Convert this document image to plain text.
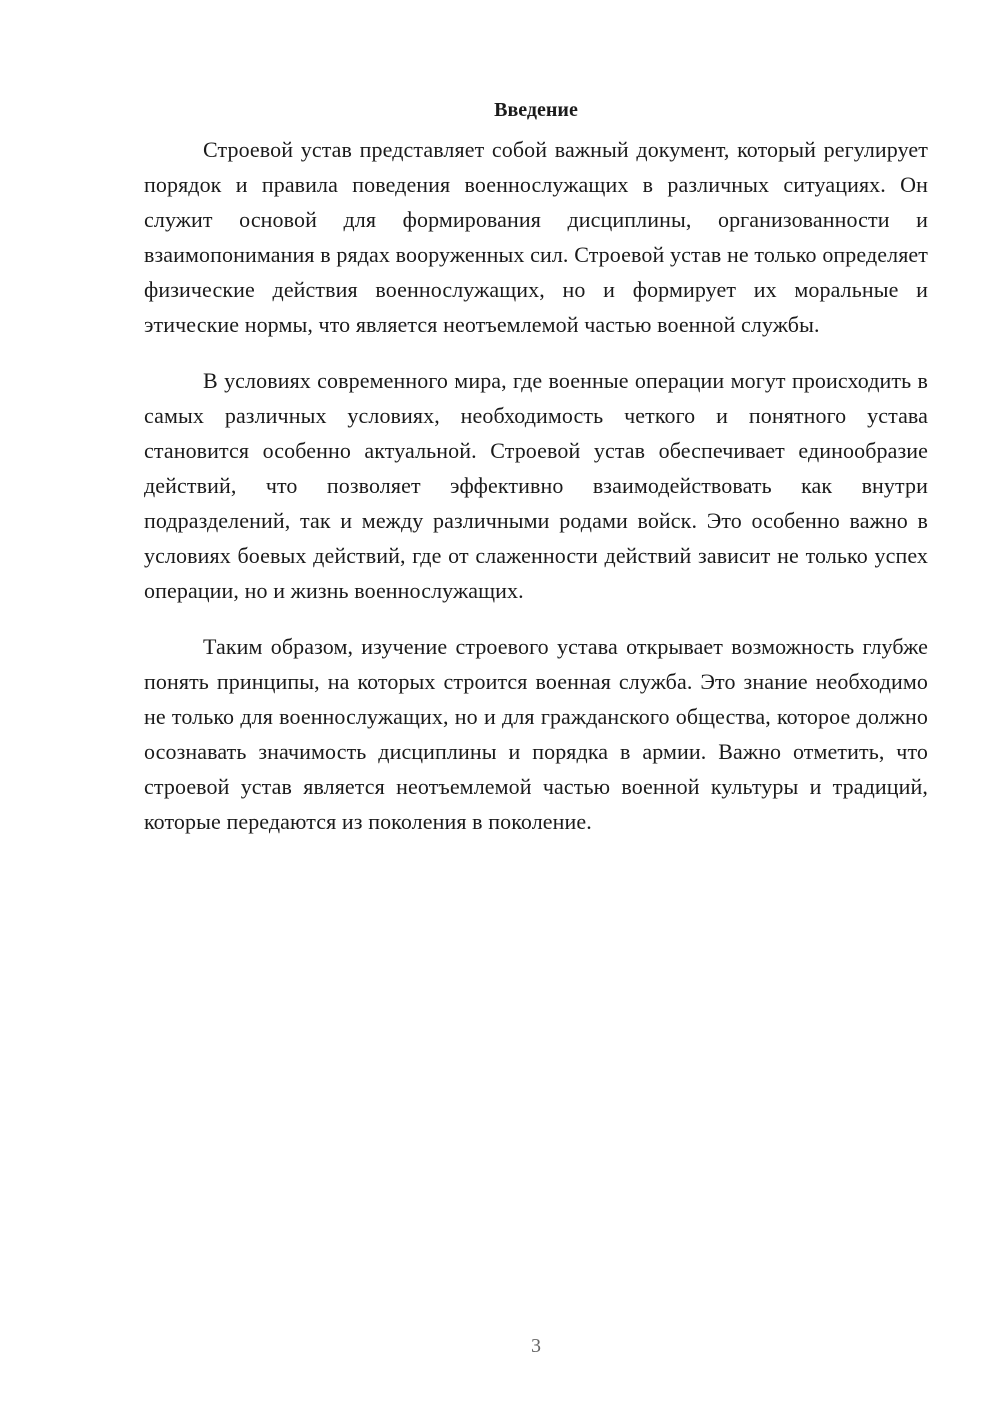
Введение

Строевой устав представляет собой важный документ, который регулирует порядок и правила поведения военнослужащих в различных ситуациях. Он служит основой для формирования дисциплины, организованности и взаимопонимания в рядах вооруженных сил. Строевой устав не только определяет физические действия военнослужащих, но и формирует их моральные и этические нормы, что является неотъемлемой частью военной службы.

В условиях современного мира, где военные операции могут происходить в самых различных условиях, необходимость четкого и понятного устава становится особенно актуальной. Строевой устав обеспечивает единообразие действий, что позволяет эффективно взаимодействовать как внутри подразделений, так и между различными родами войск. Это особенно важно в условиях боевых действий, где от слаженности действий зависит не только успех операции, но и жизнь военнослужащих.

Таким образом, изучение строевого устава открывает возможность глубже понять принципы, на которых строится военная служба. Это знание необходимо не только для военнослужащих, но и для гражданского общества, которое должно осознавать значимость дисциплины и порядка в армии. Важно отметить, что строевой устав является неотъемлемой частью военной культуры и традиций, которые передаются из поколения в поколение.

3
